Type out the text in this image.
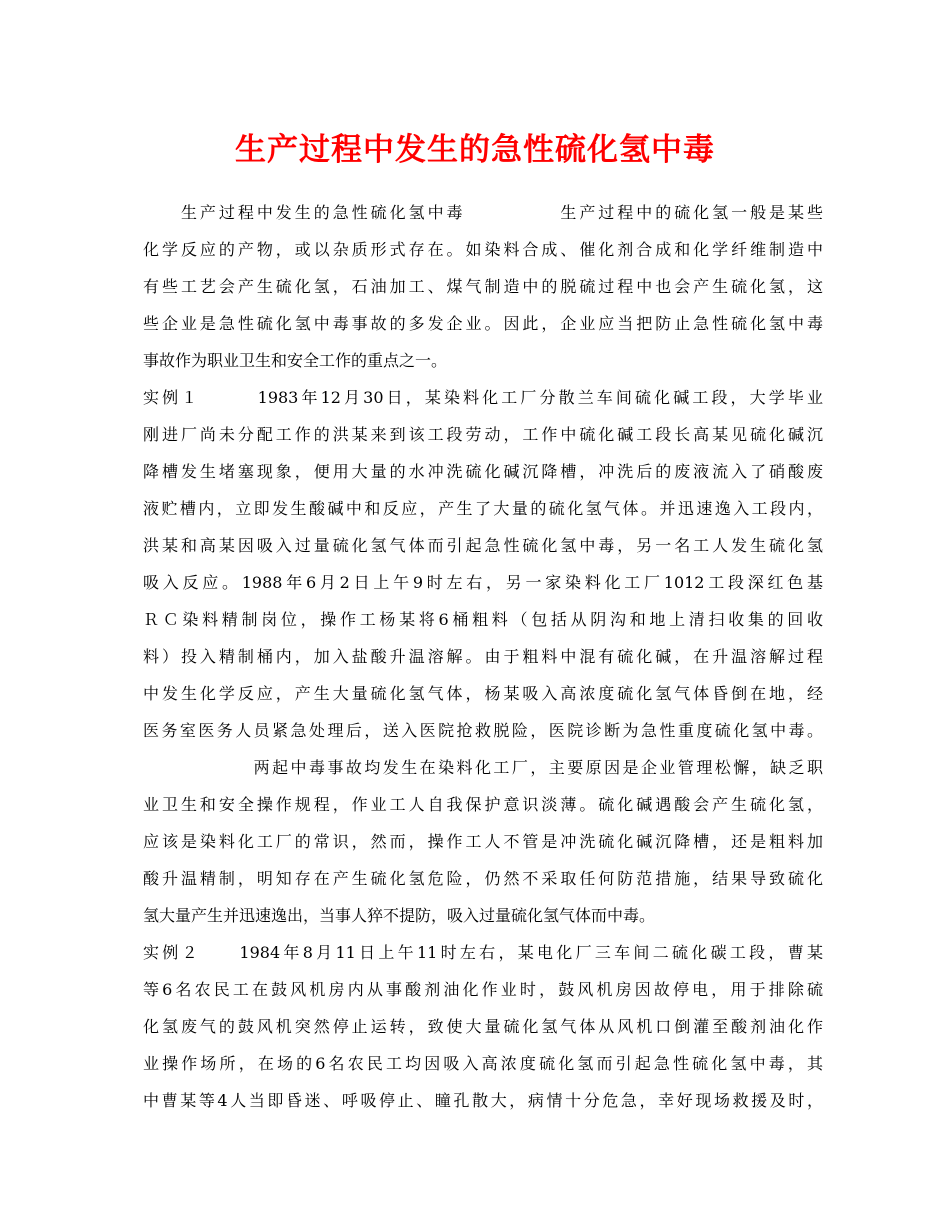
生产过程中发生的急性硫化氢中毒
　　生产过程中发生的急性硫化氢中毒　　　　　生产过程中的硫化氢一般是某些
化学反应的产物，或以杂质形式存在。如染料合成、催化剂合成和化学纤维制造中
有些工艺会产生硫化氢，石油加工、煤气制造中的脱硫过程中也会产生硫化氢，这
些企业是急性硫化氢中毒事故的多发企业。因此，企业应当把防止急性硫化氢中毒
事故作为职业卫生和安全工作的重点之一。
实例１　　　1983年12月30日，某染料化工厂分散兰车间硫化碱工段，大学毕业
刚进厂尚未分配工作的洪某来到该工段劳动，工作中硫化碱工段长高某见硫化碱沉
降槽发生堵塞现象，便用大量的水冲洗硫化碱沉降槽，冲洗后的废液流入了硝酸废
液贮槽内，立即发生酸碱中和反应，产生了大量的硫化氢气体。并迅速逸入工段内，
洪某和高某因吸入过量硫化氢气体而引起急性硫化氢中毒，另一名工人发生硫化氢
吸入反应。1988年6月2日上午9时左右，另一家染料化工厂1012工段深红色基
ＲＣ染料精制岗位，操作工杨某将6桶粗料（包括从阴沟和地上清扫收集的回收
料）投入精制桶内，加入盐酸升温溶解。由于粗料中混有硫化碱，在升温溶解过程
中发生化学反应，产生大量硫化氢气体，杨某吸入高浓度硫化氢气体昏倒在地，经
医务室医务人员紧急处理后，送入医院抢救脱险，医院诊断为急性重度硫化氢中毒。
　　　　　　两起中毒事故均发生在染料化工厂，主要原因是企业管理松懈，缺乏职
业卫生和安全操作规程，作业工人自我保护意识淡薄。硫化碱遇酸会产生硫化氢，
应该是染料化工厂的常识，然而，操作工人不管是冲洗硫化碱沉降槽，还是粗料加
酸升温精制，明知存在产生硫化氢危险，仍然不采取任何防范措施，结果导致硫化
氢大量产生并迅速逸出，当事人猝不提防，吸入过量硫化氢气体而中毒。
实例２　　1984年8月11日上午11时左右，某电化厂三车间二硫化碳工段，曹某
等6名农民工在鼓风机房内从事酸剂油化作业时，鼓风机房因故停电，用于排除硫
化氢废气的鼓风机突然停止运转，致使大量硫化氢气体从风机口倒灌至酸剂油化作
业操作场所，在场的6名农民工均因吸入高浓度硫化氢而引起急性硫化氢中毒，其
中曹某等4人当即昏迷、呼吸停止、瞳孔散大，病情十分危急，幸好现场救援及时，
